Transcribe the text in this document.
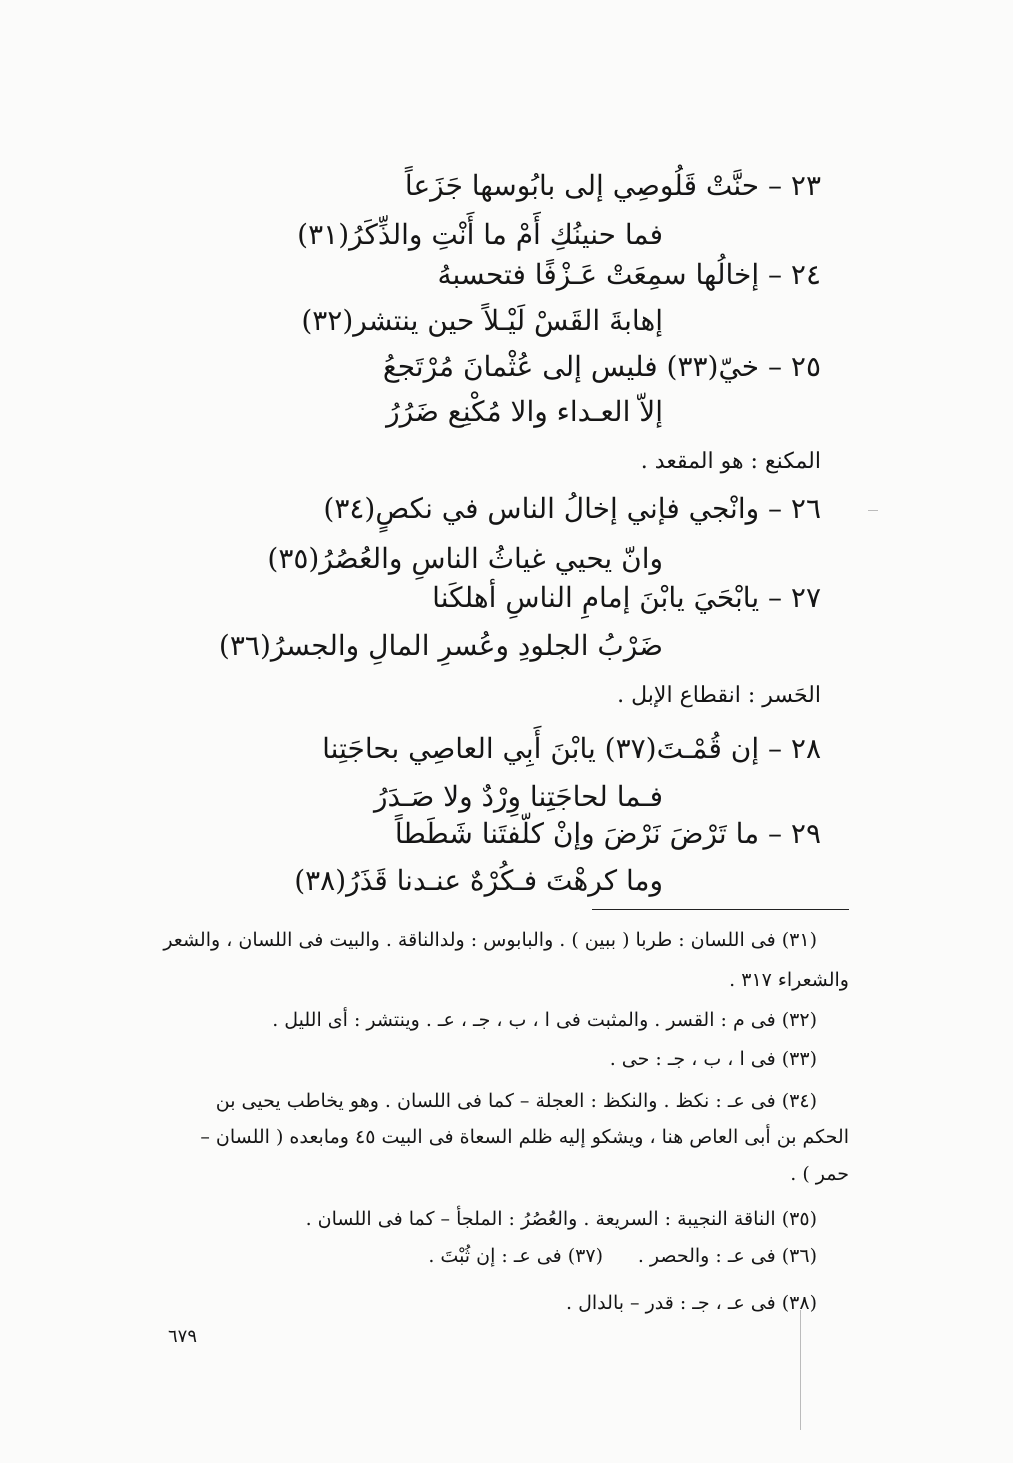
٢٣ – حنَّتْ قَلُوصِي إلى بابُوسها جَزَعاً
فما حنينُكِ أَمْ ما أَنْتِ والذِّكَرُ(٣١)
٢٤ – إخالُها سمِعَتْ عَـزْفًا فتحسبهُ
إهابةَ القَسْ لَيْـلاً حين ينتشر(٣٢)
٢٥ – خيّ(٣٣) فليس إلى عُثْمانَ مُرْتَجعُ
إلاّ العـداء والا مُكْنِع ضَرُرُ
المكنع : هو المقعد .
٢٦ – وانْجي فإني إخالُ الناس في نكصٍ(٣٤)
وانّ يحيي غياثُ الناسِ والعُصُرُ(٣٥)
٢٧ – يابْحَيَ يابْنَ إمامِ الناسِ أهلكَنا
ضَرْبُ الجلودِ وعُسرِ المالِ والجسرُ(٣٦)
الحَسر : انقطاع الإبل .
٢٨ – إن قُمْـتَ(٣٧) يابْنَ أَبِي العاصِي بحاجَتِنا
فـما لحاجَتِنا وِرْدٌ ولا صَـدَرُ
٢٩ – ما تَرْضَ نَرْضَ وإنْ كلّفتَنا شَطَطاً
وما كرهْتَ فـكُرْهٌ عنـدنا قَذَرُ(٣٨)
(٣١) فى اللسان : طربا ( ببين ) . والبابوس : ولدالناقة . والبيت فى اللسان ، والشعر
والشعراء ٣١٧ .
(٣٢) فى م : القسر . والمثبت فى ا ، ب ، جـ ، عـ . وينتشر : أى الليل .
(٣٣) فى ا ، ب ، جـ : حى .
(٣٤) فى عـ : نكظ . والنكظ : العجلة – كما فى اللسان . وهو يخاطب يحيى بن
الحكم بن أبى العاص هنا ، ويشكو إليه ظلم السعاة فى البيت ٤٥ ومابعده ( اللسان –
حمر ) .
(٣٥) الناقة النجيبة : السريعة . والعُصُرُ : الملجأ – كما فى اللسان .
(٣٦) فى عـ : والحصر .
(٣٧) فى عـ : إن ثُبْتَ .
(٣٨) فى عـ ، جـ : قدر – بالدال .
٦٧٩
